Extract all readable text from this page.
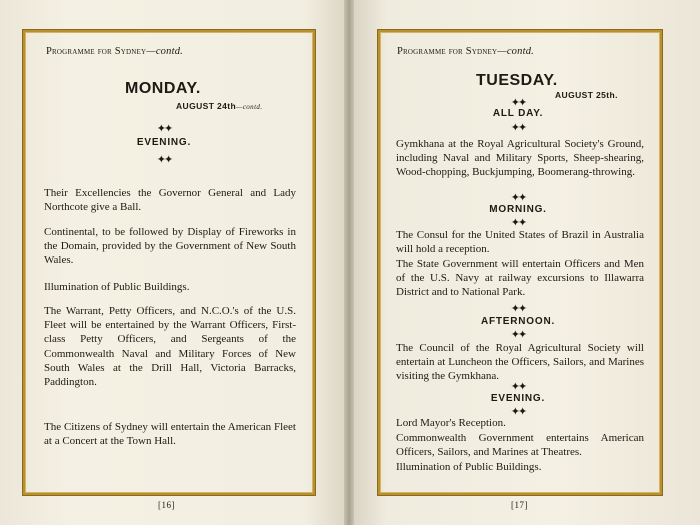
Programme for Sydney—contd.
MONDAY.
AUGUST 24th—contd.
✦✦
EVENING.
✦✦
Their Excellencies the Governor General and Lady Northcote give a Ball.
Continental, to be followed by Display of Fireworks in the Domain, provided by the Government of New South Wales.
Illumination of Public Buildings.
The Warrant, Petty Officers, and N.C.O.'s of the U.S. Fleet will be entertained by the Warrant Officers, First-class Petty Officers, and Sergeants of the Commonwealth Naval and Military Forces of New South Wales at the Drill Hall, Victoria Barracks, Paddington.
The Citizens of Sydney will entertain the American Fleet at a Concert at the Town Hall.
[16]
Programme for Sydney—contd.
TUESDAY.
AUGUST 25th.
✦✦
ALL DAY.
✦✦
Gymkhana at the Royal Agricultural Society's Ground, including Naval and Military Sports, Sheep-shearing, Wood-chopping, Buckjumping, Boomerang-throwing.
✦✦
MORNING.
✦✦
The Consul for the United States of Brazil in Australia will hold a reception.
The State Government will entertain Officers and Men of the U.S. Navy at railway excursions to Illawarra District and to National Park.
✦✦
AFTERNOON.
✦✦
The Council of the Royal Agricultural Society will entertain at Luncheon the Officers, Sailors, and Marines visiting the Gymkhana.
✦✦
EVENING.
✦✦
Lord Mayor's Reception.
Commonwealth Government entertains American Officers, Sailors, and Marines at Theatres.
Illumination of Public Buildings.
[17]
